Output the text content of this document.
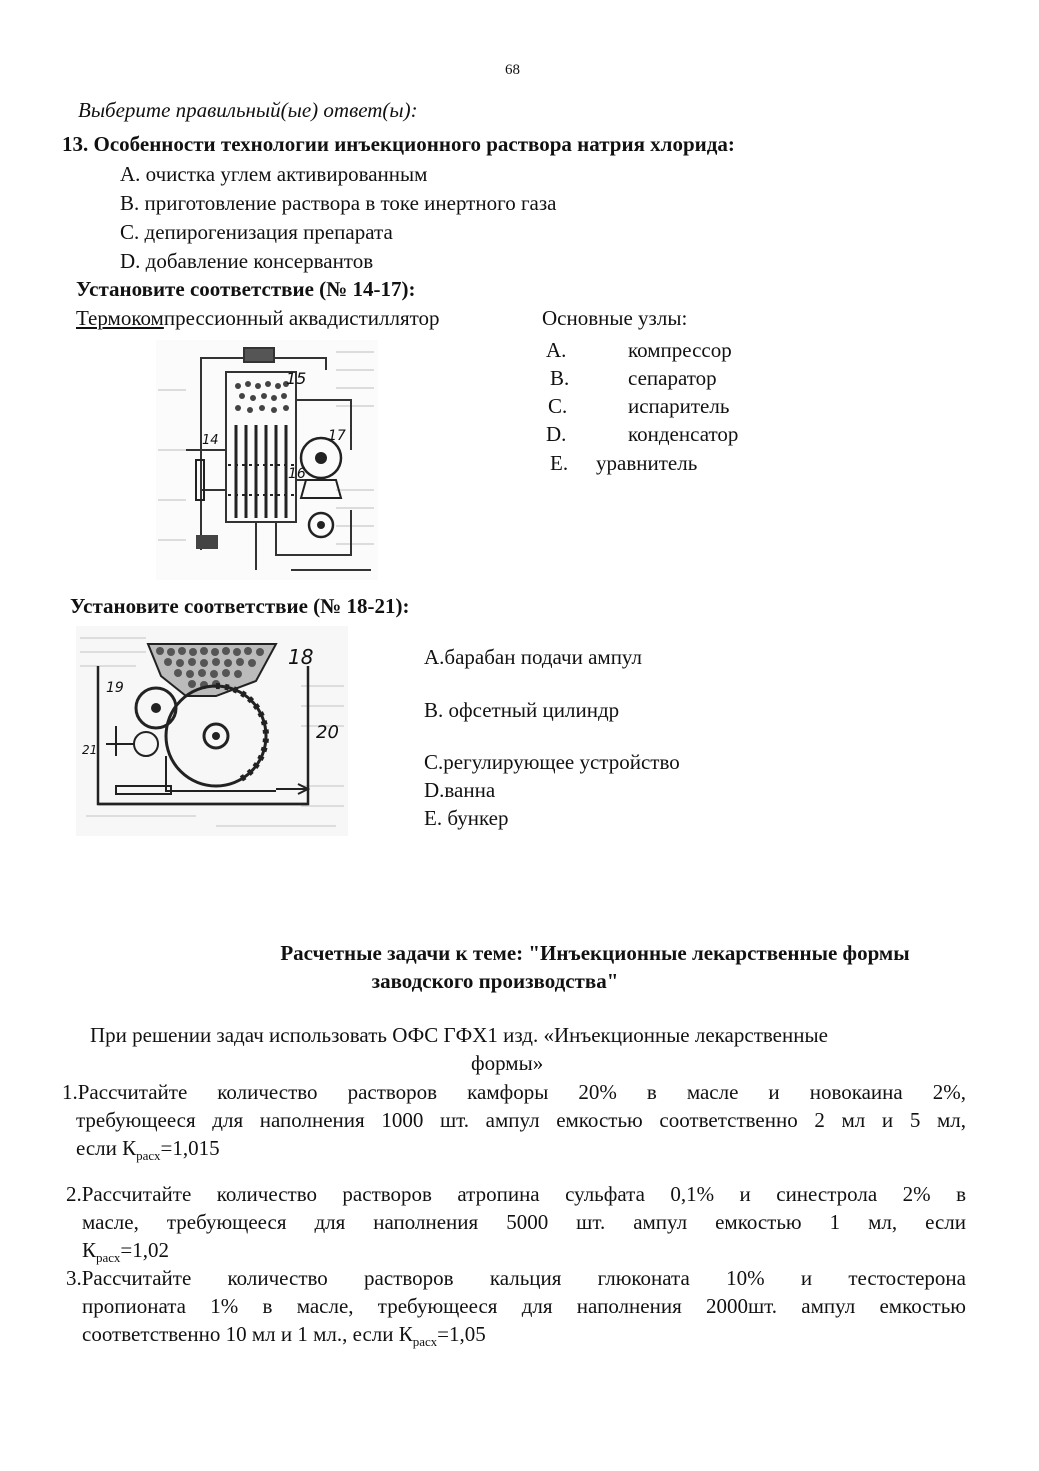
68
Выберите правильный(ые) ответ(ы):
13. Особенности технологии инъекционного раствора натрия хлорида:
A. очистка углем активированным
B. приготовление раствора в токе инертного газа
C. депирогенизация препарата
D. добавление консервантов
Установите соответствие (№ 14-17):
Термокомпрессионный аквадистиллятор	Основные узлы:
A.	компрессор
B.	сепаратор
C.	испаритель
D.	конденсатор
E. уравнитель
15
17
14
16
Установите соответствие (№ 18-21):
A.барабан подачи ампул
B. офсетный цилиндр
C.регулирующее устройство
D.ванна
E. бункер
18
19
20
21
Расчетные задачи к теме: "Инъекционные лекарственные формы
заводского производства"
При решении задач использовать ОФС ГФХ1 изд. «Инъекционные лекарственные
формы»
1.Рассчитайте количество растворов камфоры 20% в масле и новокаина 2%,
требующееся для наполнения 1000 шт. ампул емкостью соответственно 2 мл и 5 мл,
если $К_{расх}=1,015$
2.Рассчитайте количество растворов атропина сульфата 0,1% и синестрола 2% в
масле, требующееся для наполнения 5000 шт. ампул емкостью 1 мл, если
$К_{расх}=1,02$
3.Рассчитайте количество растворов кальция глюконата 10% и тестостерона
пропионата 1% в масле, требующееся для наполнения 2000шт. ампул емкостью
соответственно 10 мл и 1 мл., если $К_{расх}=1,05$
